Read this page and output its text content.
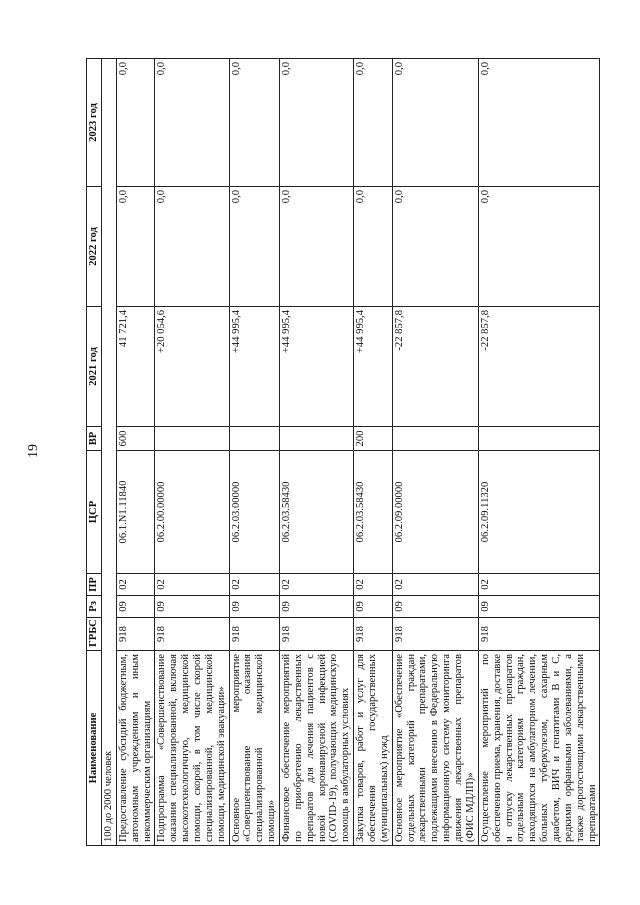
19
Наименование	ГРБС	Рз	ПР	ЦСР	ВР	2021 год	2022 год	2023 год
100 до 2000 человек								
Предоставление субсидий бюджетным, автономным учреждениям и иным некоммерческим организациям	918	09	02	06.1.N1.11840	600	41 721,4	0,0	0,0
Подпрограмма «Совершенствование оказания специализированной, включая высокотехнологичную, медицинской помощи, скорой, в том числе скорой специализированной, медицинской помощи, медицинской эвакуации»	918	09	02	06.2.00.00000		+20 054,6	0,0	0,0
Основное мероприятие «Совершенствование оказания специализированной медицинской помощи»	918	09	02	06.2.03.00000		+44 995,4	0,0	0,0
Финансовое обеспечение мероприятий по приобретению лекарственных препаратов для лечения пациентов с новой коронавирусной инфекцией (COVID-19), получающих медицинскую помощь в амбулаторных условиях	918	09	02	06.2.03.58430		+44 995,4	0,0	0,0
Закупка товаров, работ и услуг для обеспечения государственных (муниципальных) нужд	918	09	02	06.2.03.58430	200	+44 995,4	0,0	0,0
Основное мероприятие «Обеспечение отдельных категорий граждан лекарственными препаратами, подлежащими внесению в Федеральную информационную систему мониторинга движения лекарственных препаратов (ФИС МДЛП)»	918	09	02	06.2.09.00000		-22 857,8	0,0	0,0
Осуществление мероприятий по обеспечению приема, хранения, доставке и отпуску лекарственных препаратов отдельным категориям граждан, находящихся на амбулаторном лечении, больных туберкулезом, сахарным диабетом, ВИЧ и гепатитами В и С, редкими орфанными заболеваниями, а также дорогостоящими лекарственными препаратами	918	09	02	06.2.09.11320		-22 857,8	0,0	0,0
